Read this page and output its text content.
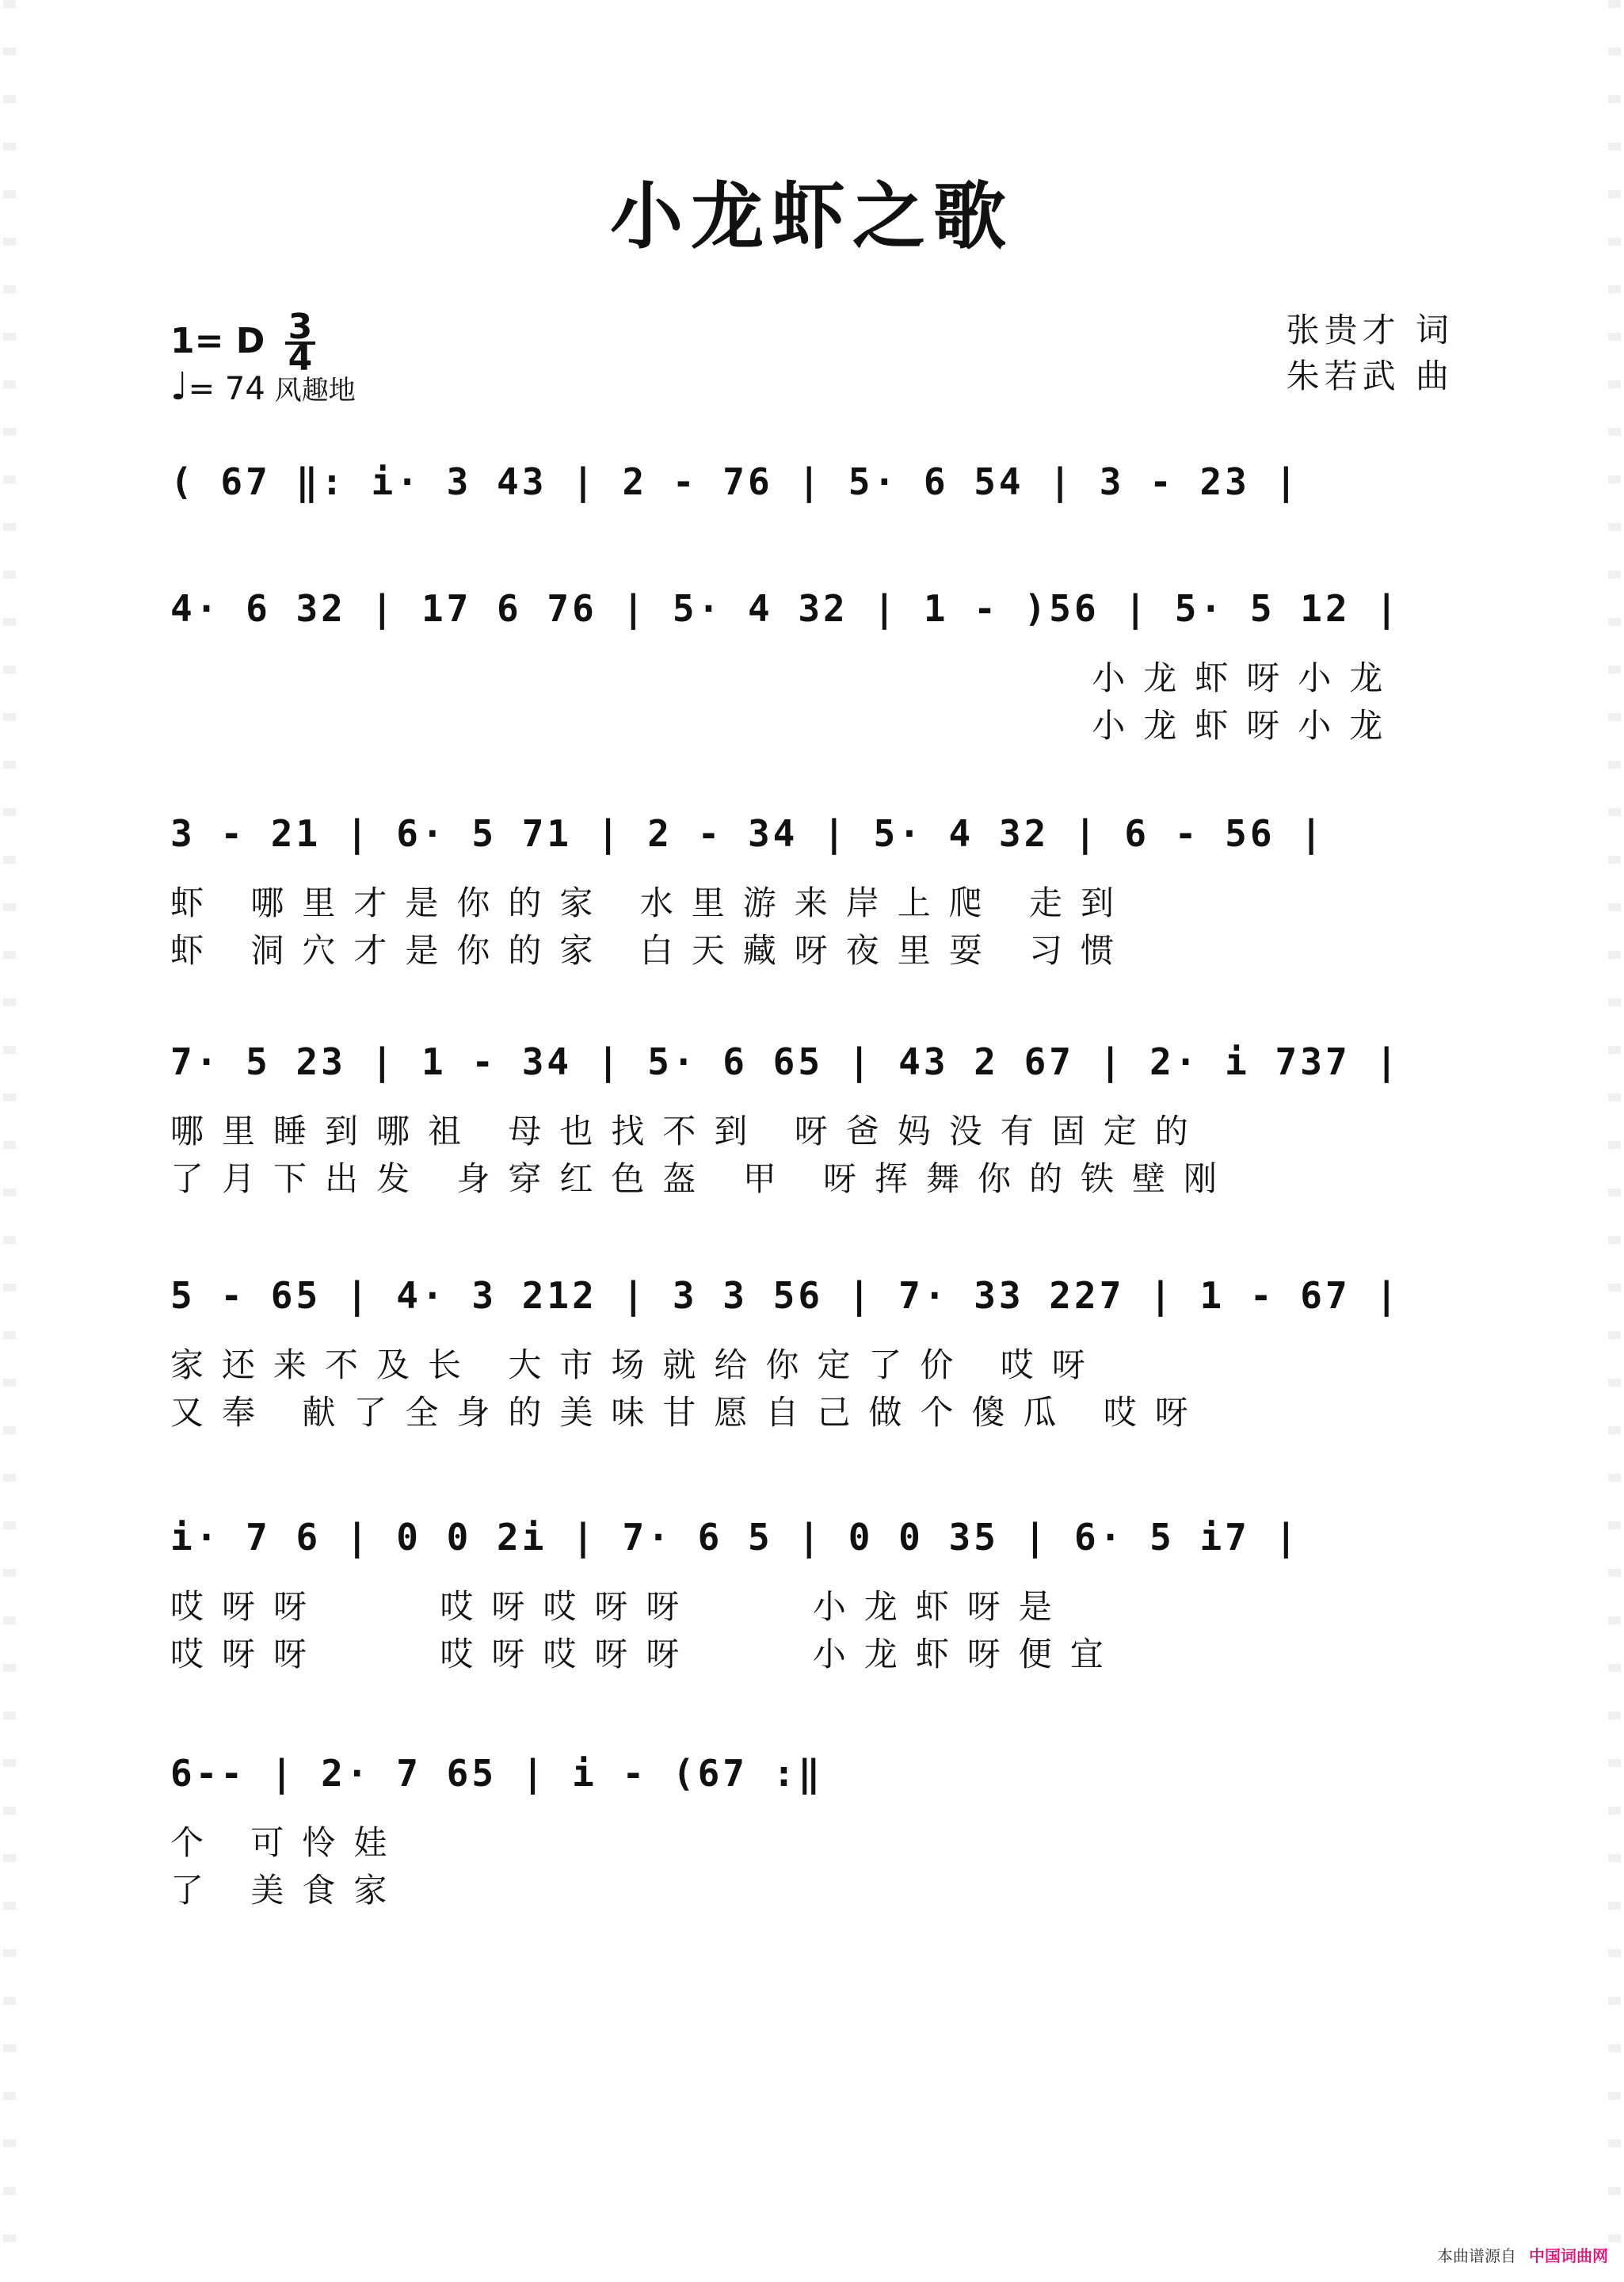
小龙虾之歌
1= D $\frac{3}{4}$
♩= 74 风趣地
张贵才 词
朱若武 曲
( 67 ‖: i· 3 43 | 2 - 76 | 5· 6 54 | 3 - 23 |
4· 6 32 | 17 6 76 | 5· 4 32 | 1 - )56 | 5· 5 12 |
小龙虾呀小龙
小龙虾呀小龙
3 - 21 | 6· 5 71 | 2 - 34 | 5· 4 32 | 6 - 56 |
虾 哪里才是你的家 水里游来岸上爬 走到
虾 洞穴才是你的家 白天藏呀夜里耍 习惯
7· 5 23 | 1 - 34 | 5· 6 65 | 43 2 67 | 2· i 737 |
哪里睡到哪祖 母也找不到 呀爸妈没有固定的
了月下出发 身穿红色盔 甲 呀挥舞你的铁壁刚
5 - 65 | 4· 3 212 | 3 3 56 | 7· 33 227 | 1 - 67 |
家还来不及长 大市场就给你定了价 哎呀
又奉 献了全身的美味甘愿自己做个傻瓜 哎呀
i· 7 6 | 0 0 2i | 7· 6 5 | 0 0 35 | 6· 5 i7 |
哎呀呀    哎呀哎呀呀    小龙虾呀是
哎呀呀    哎呀哎呀呀    小龙虾呀便宜
6-- | 2· 7 65 | i - (67 :‖
个 可怜娃
了 美食家
本曲谱源自 中国词曲网
